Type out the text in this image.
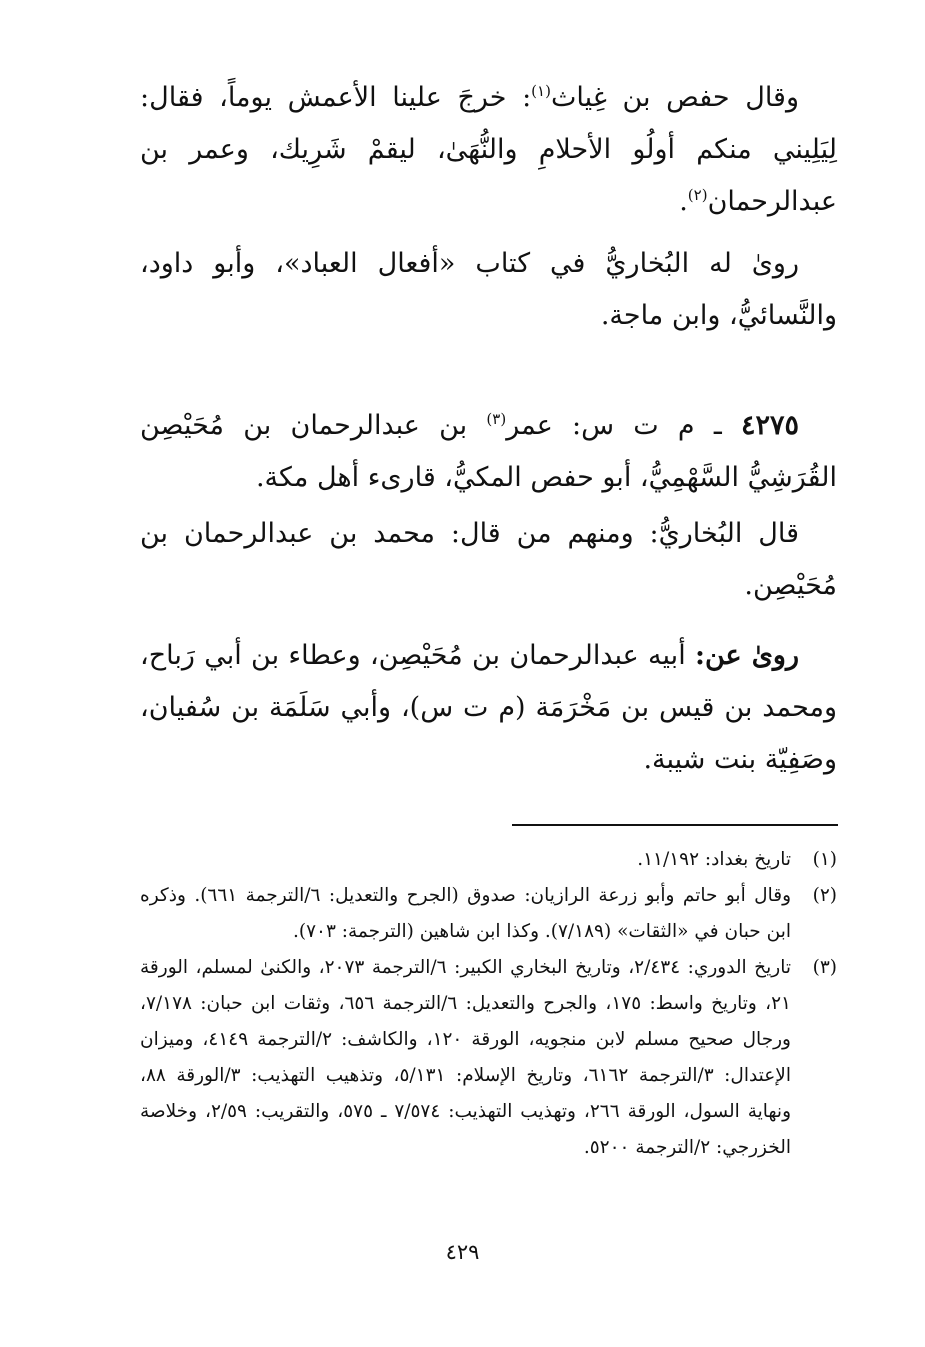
وقال حفص بن غِياث$^{(١)}$: خرجَ علينا الأعمش يوماً، فقال: لِيَلِيني منكم أولُو الأحلامِ والنُّهَىٰ، ليقمْ شَرِيك، وعمر بن عبدالرحمان$^{(٢)}$.

روىٰ له البُخاريُّ في كتاب «أفعال العباد»، وأبو داود، والنَّسائيُّ، وابن ماجة.

٤٢٧٥ ـ م ت س: عمر$^{(٣)}$ بن عبدالرحمان بن مُحَيْصِن القُرَشِيُّ السَّهْمِيُّ، أبو حفص المكيُّ، قارىء أهل مكة.

قال البُخاريُّ: ومنهم من قال: محمد بن عبدالرحمان بن مُحَيْصِن.

روىٰ عن: أبيه عبدالرحمان بن مُحَيْصِن، وعطاء بن أبي رَباح، ومحمد بن قيس بن مَخْرَمَة (م ت س)، وأبي سَلَمَة بن سُفيان، وصَفِيّة بنت شيبة.

(١)
تاريخ بغداد: ١١/١٩٢.
(٢)
وقال أبو حاتم وأبو زرعة الرازيان: صدوق (الجرح والتعديل: ٦/الترجمة ٦٦١). وذكره ابن حبان في «الثقات» (٧/١٨٩). وكذا ابن شاهين (الترجمة: ٧٠٣).
(٣)
تاريخ الدوري: ٢/٤٣٤، وتاريخ البخاري الكبير: ٦/الترجمة ٢٠٧٣، والكنىٰ لمسلم، الورقة ٢١، وتاريخ واسط: ١٧٥، والجرح والتعديل: ٦/الترجمة ٦٥٦، وثقات ابن حبان: ٧/١٧٨، ورجال صحيح مسلم لابن منجويه، الورقة ١٢٠، والكاشف: ٢/الترجمة ٤١٤٩، وميزان الإعتدال: ٣/الترجمة ٦١٦٢، وتاريخ الإسلام: ٥/١٣١، وتذهيب التهذيب: ٣/الورقة ٨٨، ونهاية السول، الورقة ٢٦٦، وتهذيب التهذيب: ٧/٥٧٤ ـ ٥٧٥، والتقريب: ٢/٥٩، وخلاصة الخزرجي: ٢/الترجمة ٥٢٠٠.
٤٢٩
